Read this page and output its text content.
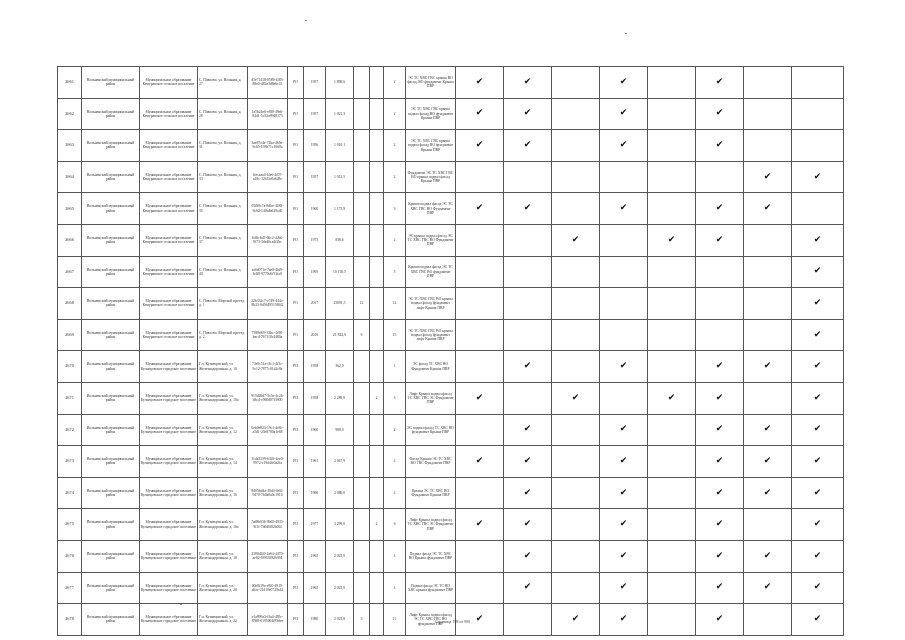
2661	Вольненский муниципальный район	Муниципальное образование Кемуравское сельское поселение	С. Павлово, ул. Вольная, д. 27	d5e71418-0589-4f83-88e0-482e3d8e6c41	РО	1957	1 890,6			2	ЭС ТС ХВС ГВС крыша ВО фасад, ВО фундамент Крыша ПВР	✔	✔		✔		✔		
2662	Вольненский муниципальный район	Муниципальное образование Кемуравское сельское поселение	С. Павлово, ул. Вольная, д. 28	1a5b24e6-e8f0-49e6-84d1-5c52a9948173	РО	1957	1 021,3			2	ЭС ТС ХВС ГВС крыша подвал фасад ВО фундамент Крыша ПВР	✔	✔		✔		✔		
2663	Вольненский муниципальный район	Муниципальное образование Кемуравское сельское поселение	С. Павлово, ул. Вольная, д. 31	3ae87e4e-72ba-4b9e-9c65-193b71c1668a	РО	1956	1 010,1			2	ЭС ТС ХВС ГВС крыша подвал фасад ВО фундамент Крыша ПВР	✔	✔		✔		✔		
2664	Вольненский муниципальный район	Муниципальное образование Кемуравское сельское поселение	С. Павлово, ул. Вольная, д. 33	1fecaaa4-f4e6-4f07-a18c-12f43c0a628e	РО	1957	1 012,5			2	Фундамент ЭС ТС ХВС ГВС ВО крыша подвал фасад Крыша ПВР							✔	✔
2665	Вольненский муниципальный район	Муниципальное образование Кемуравское сельское поселение	С. Павлово, ул. Вольная, д. 35	05f80c7a-8dbe-4188-8c62-14f6db629cd0	РО	1960	1 173,9			3	Крыша подвал фасад ЭС ТС ХВС ГВС ВО Фундамент ПВР	✔	✔		✔		✔	✔	
2666	Вольненский муниципальный район	Муниципальное образование Кемуравское сельское поселение	С. Павлово, ул. Вольная, д. 37	1fd6c6d5-66c2-42b0-9f73-3de46ca4f2bc	РО	1973	838,6			2	ЭС крыша подвал фасад ЭС ТС ХВС ГВС ВО Фундамент ПВР			✔		✔	✔		✔
2667	Вольненский муниципальный район	Муниципальное образование Кемуравское сельское поселение	С. Павлово, ул. Вольная, д. 40	ea0d071e-7ae0-4bf9-b4f8-9770c6f53fa0	РО	1995	10 130,5			5	Крыша подвал фасад ЭС ТС ХВС ГВС ВО фундамент ПВР								✔
2668	Вольненский муниципальный район	Муниципальное образование Кемуравское сельское поселение	С. Павлово, Морской проезд, д. 1	22b332c7-e749-444c-8b23-0d56495158f42	РО	2017	25091,5	12		12	ЭС ТС ХВС ГВС ВО крыша подвал фасад фундамент лифт Крыша ПВР								✔
2669	Вольненский муниципальный район	Муниципальное образование Кемуравское сельское поселение	С. Павлово, Морской проезд, д. 2	7580e8f9-33bc-4c90-bec4-7671f1b4480a	РО	2016	21 822,9	6		15	ЭС ТС ХВС ГВС ВО крыша подвал фасад фундамент лифт Крыша ПВР								✔
2670	Вольненский муниципальный район	Муниципальное образование Кузнецовское городское поселение	Г.п. Кузнецовский, ул. Железнодорожная, д. 10	73e9c51a-f4c1-4f3c-9c12-7877c01d2c8e	РО	1958	362,0			1	ЭС фасад ТС ХВС ВО Фундамент Крыша ПВР		✔		✔		✔	✔	✔
2671	Вольненский муниципальный район	Муниципальное образование Кузнецовское городское поселение	Г.п. Кузнецовский, ул. Железнодорожная, д. 10а	915d26d7-3c5e-4c26-b8c4-c960d07f3900	РО	1958	2 289,0		2	3	Лифт Крыша подвал фасад ТС ХВС ГВС ЭС Фундамент ПВР	✔		✔		✔	✔		✔
2672	Вольненский муниципальный район	Муниципальное образование Кузнецовское городское поселение	Г.п. Кузнецовский, ул. Железнодорожная, д. 12	6eb0e823-19c1-4e8c-a5d1-23e8700a1e68	РО	1960	988,0			2	ЭС подвал фасад ТС ХВС ВО фундамент Крыша ПВР		✔		✔		✔	✔	✔
2673	Вольненский муниципальный район	Муниципальное образование Кузнецовское городское поселение	Г.п. Кузнецовский, ул. Железнодорожная, д. 14	31da5239-6329-4ee0-9972-c19d4fe0a2fa	РО	1961	2 047,9			4	Фасад Крыша ЭС ТС ХВС ВО ГВС Фундамент ПВР	✔	✔		✔		✔	✔	✔
2674	Вольненский муниципальный район	Муниципальное образование Кузнецовское городское поселение	Г.п. Кузнецовский, ул. Железнодорожная, д. 16	8405bd4a-30d4-4e0f-9470-7b0a0a0c1916	РО	1966	2 080,0			4	Крыша ЭС ТС ХВС ВО Фундамент Крыша ПВР		✔		✔		✔	✔	✔
2675	Вольненский муниципальный район	Муниципальное образование Кузнецовское городское поселение	Г.п. Кузнецовский, ул. Железнодорожная, д. 16а	7ad8b036-9b65-4935-9f1f-7b0d0f02b0f4	РО	1977	3 299,0		2	6	Лифт Крыша подвал фасад ТС ХВС ГВС ЭС Фундамент ПВР	✔	✔		✔		✔		✔
2676	Вольненский муниципальный район	Муниципальное образование Кузнецовское городское поселение	Г.п. Кузнецовский, ул. Железнодорожная, д. 18	2380d2f0-2a64-4479-ae82-9f9535926394	РО	1965	2 025,0			4	Подвал фасад ЭС ТС ХВС ВО Крыша фундамент ПВР		✔		✔		✔	✔	✔
2677	Вольненский муниципальный район	Муниципальное образование Кузнецовское городское поселение	Г.п. Кузнецовский, ул. Железнодорожная, д. 20	00e8f19a-e9f0-4919-a6ac-21d10e0729a42	РО	1965	2 025,0			4	Подвал фасад ЭС ТС ВО ХВС крыша фундамент ПВР		✔		✔		✔	✔	✔
2678	Вольненский муниципальный район	Муниципальное образование Кузнецовское городское поселение	Г.п. Кузнецовский, ул. Железнодорожная, д. 22	e1a999a3-f3a4-495c-8588-0195004f83dee	РО	1980	2 025,8	3		11	Лифт Крыша подвал фасад ЭС ТС ХВС ГВС ВО фундамент ПВР	✔		✔	✔		✔		✔
Страница 198 из 900
